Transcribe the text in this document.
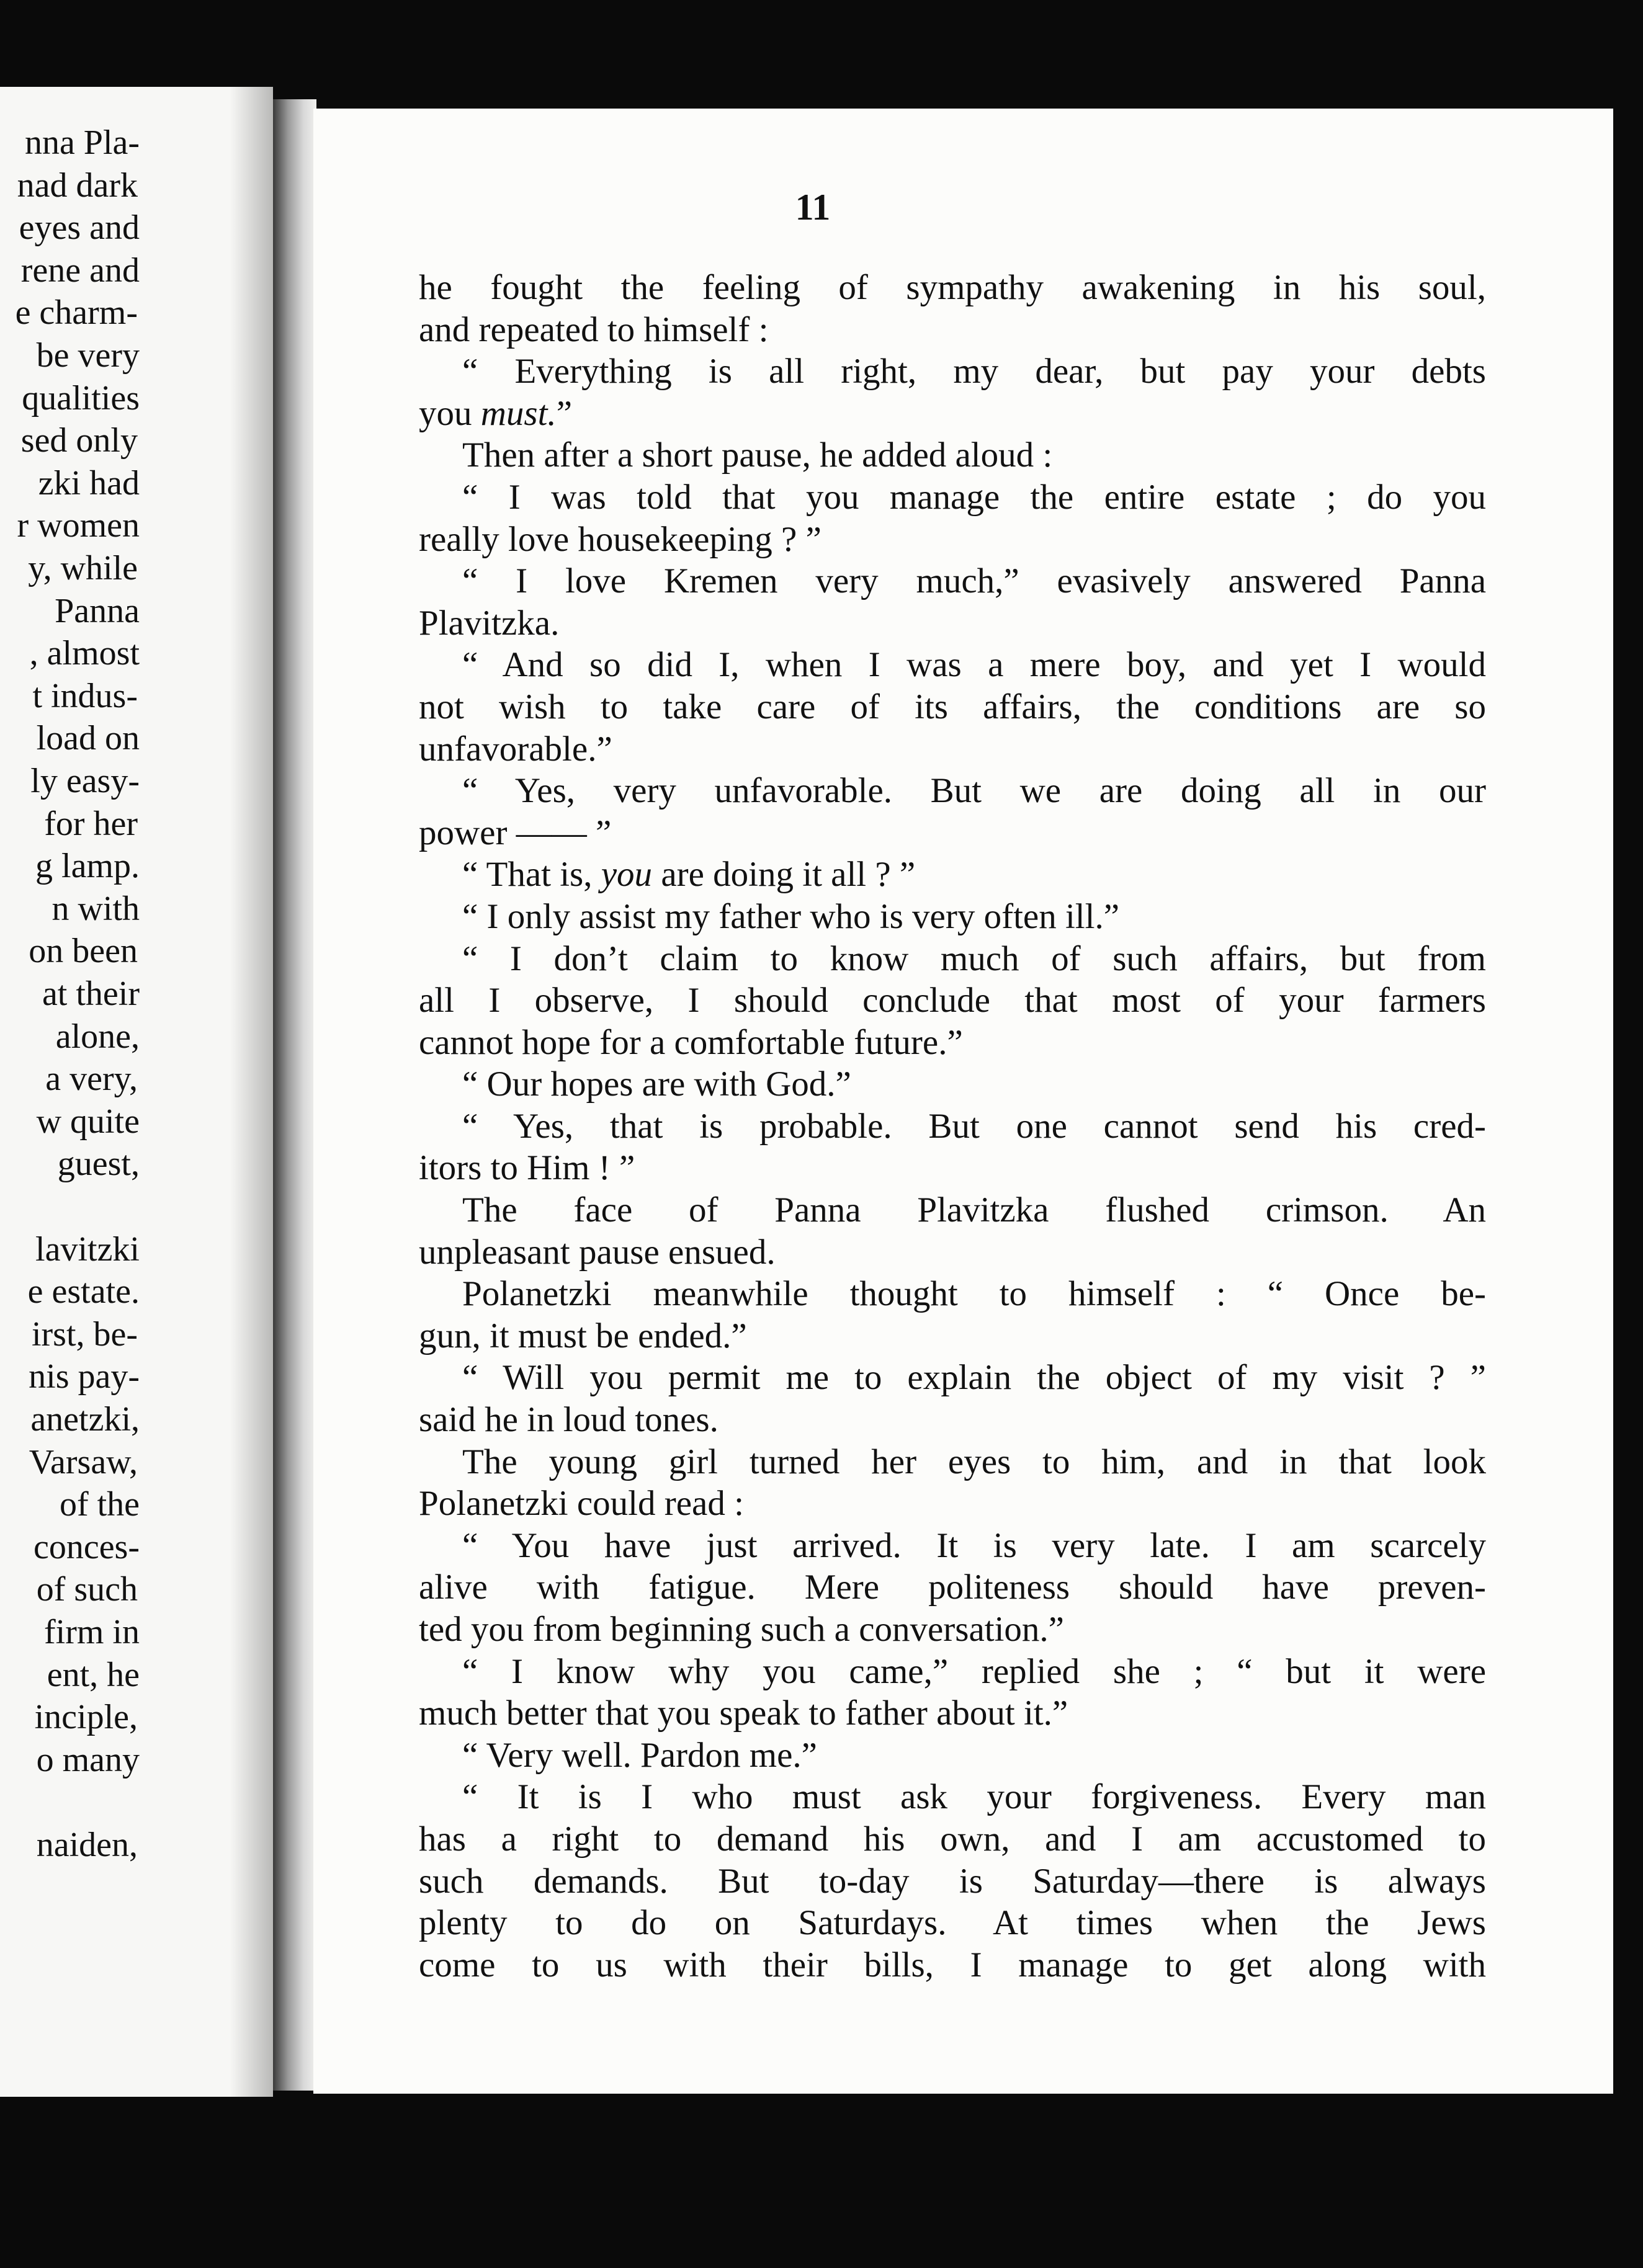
nna Pla-
nad dark
eyes and
rene and
e charm-
be very
qualities
sed only
zki had
r women
y, while
Panna
, almost
t indus-
load on
ly easy-
for her
g lamp.
n with
on been
at their
alone,
a very,
w quite
guest,
lavitzki
e estate.
irst, be-
nis pay-
anetzki,
Varsaw,
of the
conces-
of such
firm in
ent, he
inciple,
o many
naiden,
11
he fought the feeling of sympathy awakening in his soul,
and repeated to himself :
“ Everything is all right, my dear, but pay your debts
you must.”
Then after a short pause, he added aloud :
“ I was told that you manage the entire estate ; do you
really love housekeeping ? ”
“ I love Kremen very much,” evasively answered Panna
Plavitzka.
“ And so did I, when I was a mere boy, and yet I would
not wish to take care of its affairs, the conditions are so
unfavorable.”
“ Yes, very unfavorable. But we are doing all in our
power —— ”
“ That is, you are doing it all ? ”
“ I only assist my father who is very often ill.”
“ I don’t claim to know much of such affairs, but from
all I observe, I should conclude that most of your farmers
cannot hope for a comfortable future.”
“ Our hopes are with God.”
“ Yes, that is probable. But one cannot send his cred-
itors to Him ! ”
The face of Panna Plavitzka flushed crimson. An
unpleasant pause ensued.
Polanetzki meanwhile thought to himself : “ Once be-
gun, it must be ended.”
“ Will you permit me to explain the object of my visit ? ”
said he in loud tones.
The young girl turned her eyes to him, and in that look
Polanetzki could read :
“ You have just arrived. It is very late. I am scarcely
alive with fatigue. Mere politeness should have preven-
ted you from beginning such a conversation.”
“ I know why you came,” replied she ; “ but it were
much better that you speak to father about it.”
“ Very well. Pardon me.”
“ It is I who must ask your forgiveness. Every man
has a right to demand his own, and I am accustomed to
such demands. But to-day is Saturday—there is always
plenty to do on Saturdays. At times when the Jews
come to us with their bills, I manage to get along with
